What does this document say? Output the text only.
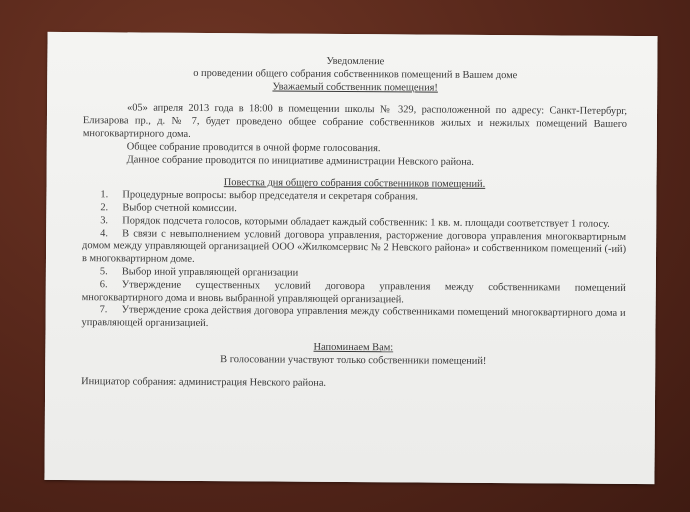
Уведомление

о проведении общего собрания собственников помещений в Вашем доме

Уважаемый собственник помещения!

«05» апреля 2013 года в 18:00 в помещении школы № 329, расположенной по адресу: Санкт-Петербург, Елизарова пр., д. № 7, будет проведено общее собрание собственников жилых и нежилых помещений Вашего многоквартирного дома.

Общее собрание проводится в очной форме голосования.

Данное собрание проводится по инициативе администрации Невского района.

Повестка дня общего собрания собственников помещений.

1. Процедурные вопросы: выбор председателя и секретаря собрания.
2. Выбор счетной комиссии.
3. Порядок подсчета голосов, которыми обладает каждый собственник: 1 кв. м. площади соответствует 1 голосу.
4. В связи с невыполнением условий договора управления, расторжение договора управления многоквартирным домом между управляющей организацией ООО «Жилкомсервис № 2 Невского района» и собственником помещений (-ий) в многоквартирном доме.
5. Выбор иной управляющей организации
6. Утверждение существенных условий договора управления между собственниками помещений многоквартирного дома и вновь выбранной управляющей организацией.
7. Утверждение срока действия договора управления между собственниками помещений многоквартирного дома и управляющей организацией.

Напоминаем Вам:

В голосовании участвуют только собственники помещений!

Инициатор собрания: администрация Невского района.
